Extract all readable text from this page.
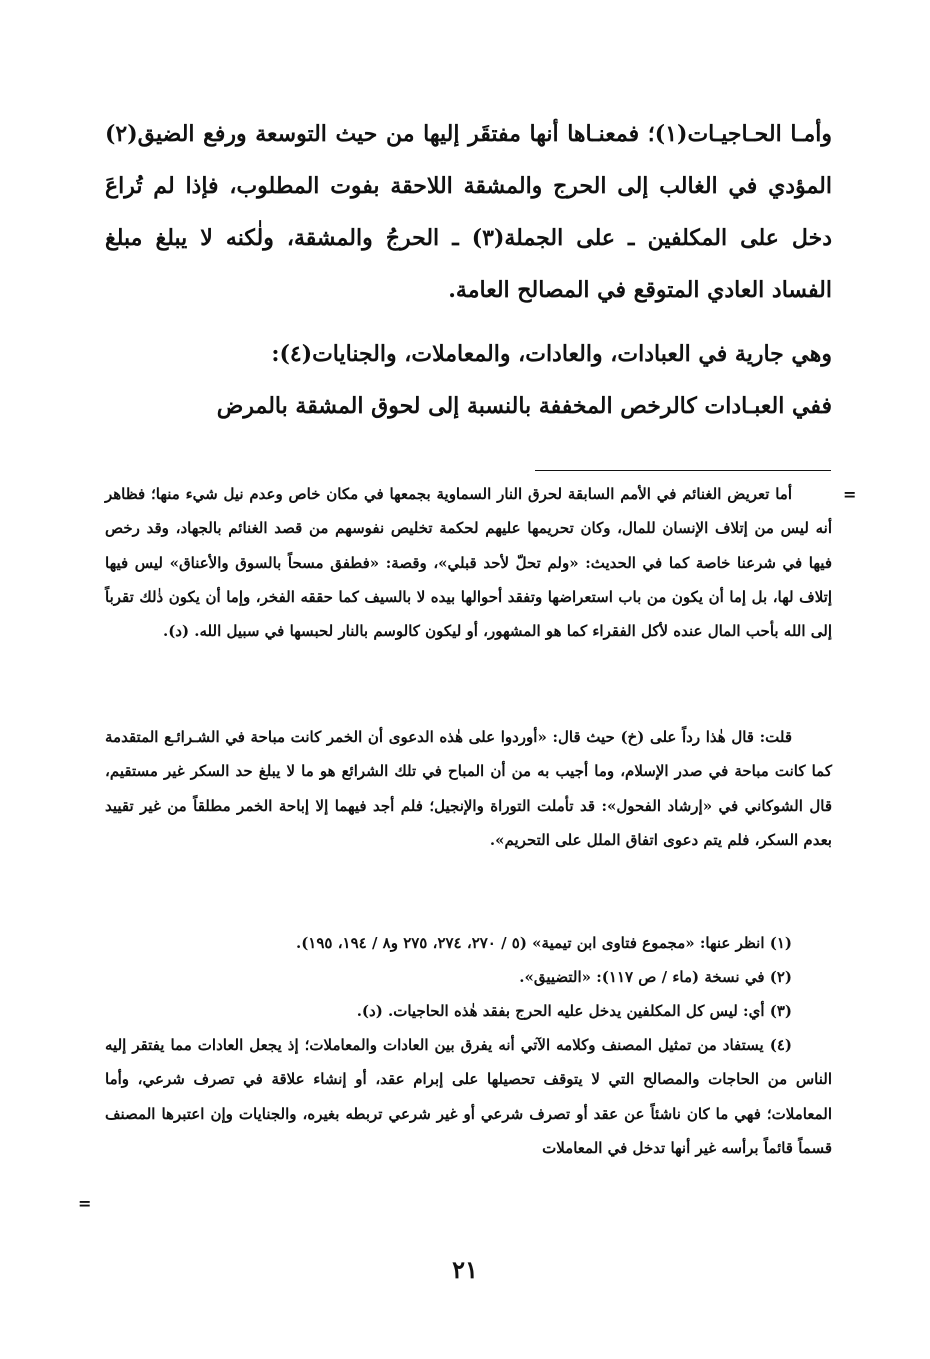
وأمـا الحـاجيـات(١)؛ فمعنـاها أنها مفتقَر إليها من حيث التوسعة ورفع الضيق(٢) المؤدي في الغالب إلى الحرج والمشقة اللاحقة بفوت المطلوب، فإذا لم تُراعَ دخل على المكلفين ـ على الجملة(٣) ـ الحرجُ والمشقة، ولٰكنه لا يبلغ مبلغ الفساد العادي المتوقع في المصالح العامة.

وهي جارية في العبادات، والعادات، والمعاملات، والجنايات(٤):

ففي العبـادات كالرخص المخففة بالنسبة إلى لحوق المشقة بالمرض

=

أما تعريض الغنائم في الأمم السابقة لحرق النار السماوية بجمعها في مكان خاص وعدم نيل شيء منها؛ فظاهر أنه ليس من إتلاف الإنسان للمال، وكان تحريمها عليهم لحكمة تخليص نفوسهم من قصد الغنائم بالجهاد، وقد رخص فيها في شرعنا خاصة كما في الحديث: «ولم تحلّ لأحد قبلي»، وقصة: «فطفق مسحاً بالسوق والأعناق» ليس فيها إتلاف لها، بل إما أن يكون من باب استعراضها وتفقد أحوالها بيده لا بالسيف كما حققه الفخر، وإما أن يكون ذٰلك تقرباً إلى الله بأحب المال عنده لأكل الفقراء كما هو المشهور، أو ليكون كالوسم بالنار لحبسها في سبيل الله. (د).

قلت: قال هٰذا رداً على (خ) حيث قال: «أوردوا على هٰذه الدعوى أن الخمر كانت مباحة في الشـرائـع المتقدمة كما كانت مباحة في صدر الإسلام، وما أجيب به من أن المباح في تلك الشرائع هو ما لا يبلغ حد السكر غير مستقيم، قال الشوكاني في «إرشاد الفحول»: قد تأملت التوراة والإنجيل؛ فلم أجد فيهما إلا إباحة الخمر مطلقاً من غير تقييد بعدم السكر، فلم يتم دعوى اتفاق الملل على التحريم».

(١) انظر عنها: «مجموع فتاوى ابن تيمية» (٥ / ٢٧٠، ٢٧٤، ٢٧٥ و٨ / ١٩٤، ١٩٥).

(٢) في نسخة (ماء / ص ١١٧): «التضييق».

(٣) أي: ليس كل المكلفين يدخل عليه الحرج بفقد هٰذه الحاجيات. (د).

(٤) يستفاد من تمثيل المصنف وكلامه الآتي أنه يفرق بين العادات والمعاملات؛ إذ يجعل العادات مما يفتقر إليه الناس من الحاجات والمصالح التي لا يتوقف تحصيلها على إبرام عقد، أو إنشاء علاقة في تصرف شرعي، وأما المعاملات؛ فهي ما كان ناشئاً عن عقد أو تصرف شرعي أو غير شرعي تربطه بغيره، والجنايات وإن اعتبرها المصنف قسماً قائماً برأسه غير أنها تدخل في المعاملات

=
٢١
